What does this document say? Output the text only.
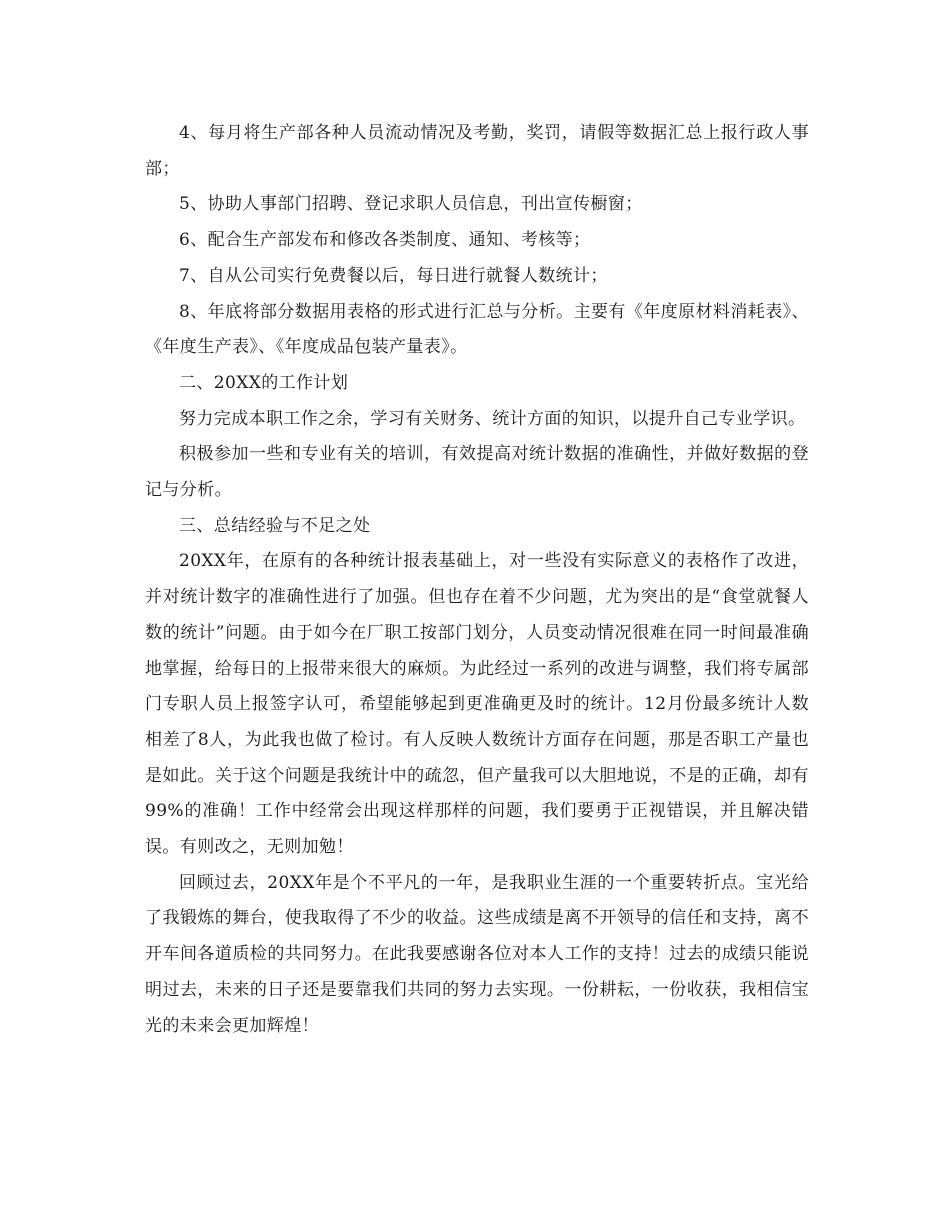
4、每月将生产部各种人员流动情况及考勤，奖罚，请假等数据汇总上报行政人事部；

5、协助人事部门招聘、登记求职人员信息，刊出宣传橱窗；

6、配合生产部发布和修改各类制度、通知、考核等；

7、自从公司实行免费餐以后，每日进行就餐人数统计；

8、年底将部分数据用表格的形式进行汇总与分析。主要有《年度原材料消耗表》、《年度生产表》、《年度成品包装产量表》。

二、20XX的工作计划

努力完成本职工作之余，学习有关财务、统计方面的知识，以提升自己专业学识。

积极参加一些和专业有关的培训，有效提高对统计数据的准确性，并做好数据的登记与分析。

三、总结经验与不足之处

20XX年，在原有的各种统计报表基础上，对一些没有实际意义的表格作了改进，并对统计数字的准确性进行了加强。但也存在着不少问题，尤为突出的是“食堂就餐人数的统计”问题。由于如今在厂职工按部门划分，人员变动情况很难在同一时间最准确地掌握，给每日的上报带来很大的麻烦。为此经过一系列的改进与调整，我们将专属部门专职人员上报签字认可，希望能够起到更准确更及时的统计。12月份最多统计人数相差了8人，为此我也做了检讨。有人反映人数统计方面存在问题，那是否职工产量也是如此。关于这个问题是我统计中的疏忽，但产量我可以大胆地说，不是的正确，却有99%的准确！工作中经常会出现这样那样的问题，我们要勇于正视错误，并且解决错误。有则改之，无则加勉！

回顾过去，20XX年是个不平凡的一年，是我职业生涯的一个重要转折点。宝光给了我锻炼的舞台，使我取得了不少的收益。这些成绩是离不开领导的信任和支持，离不开车间各道质检的共同努力。在此我要感谢各位对本人工作的支持！过去的成绩只能说明过去，未来的日子还是要靠我们共同的努力去实现。一份耕耘，一份收获，我相信宝光的未来会更加辉煌！
